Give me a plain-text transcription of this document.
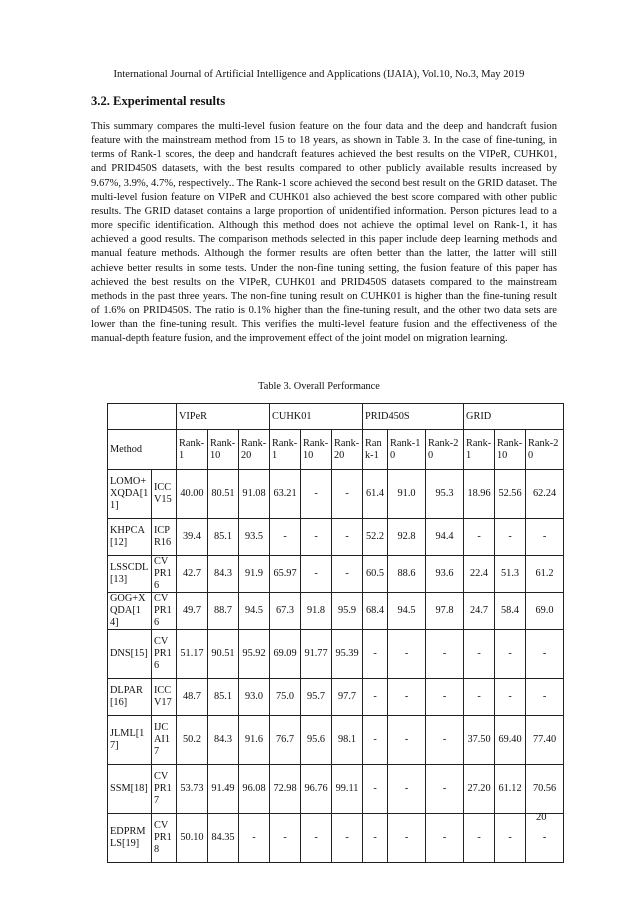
International Journal of Artificial Intelligence and Applications (IJAIA), Vol.10, No.3, May 2019
3.2. Experimental results

This summary compares the multi-level fusion feature on the four data and the deep and handcraft fusion feature with the mainstream method from 15 to 18 years, as shown in Table 3. In the case of fine-tuning, in terms of Rank-1 scores, the deep and handcraft features achieved the best results on the VIPeR, CUHK01, and PRID450S datasets, with the best results compared to other publicly available results increased by 9.67%, 3.9%, 4.7%, respectively.. The Rank-1 score achieved the second best result on the GRID dataset. The multi-level fusion feature on VIPeR and CUHK01 also achieved the best score compared with other public results. The GRID dataset contains a large proportion of unidentified information. Person pictures lead to a more specific identification. Although this method does not achieve the optimal level on Rank-1, it has achieved a good results. The comparison methods selected in this paper include deep learning methods and manual feature methods. Although the former results are often better than the latter, the latter will still achieve better results in some tests. Under the non-fine tuning setting, the fusion feature of this paper has achieved the best results on the VIPeR, CUHK01 and PRID450S datasets compared to the mainstream methods in the past three years. The non-fine tuning result on CUHK01 is higher than the fine-tuning result of 1.6% on PRID450S. The ratio is 0.1% higher than the fine-tuning result, and the other two data sets are lower than the fine-tuning result. This verifies the multi-level feature fusion and the effectiveness of the manual-depth feature fusion, and the improvement effect of the joint model on migration learning.

Table 3. Overall Performance
		VIPeR			CUHK01			PRID450S			GRID		
Method		Rank-1	Rank-10	Rank-20	Rank-1	Rank-10	Rank-20	Rank-1	Rank-10	Rank-20	Rank-1	Rank-10	Rank-20
LOMO+XQDA[11]	ICCV15	40.00	80.51	91.08	63.21	-	-	61.4	91.0	95.3	18.96	52.56	62.24
KHPCA[12]	ICPR16	39.4	85.1	93.5	-	-	-	52.2	92.8	94.4	-	-	-
LSSCDL[13]	CVPR16	42.7	84.3	91.9	65.97	-	-	60.5	88.6	93.6	22.4	51.3	61.2
GOG+XQDA[14]	CVPR16	49.7	88.7	94.5	67.3	91.8	95.9	68.4	94.5	97.8	24.7	58.4	69.0
DNS[15]	CVPR16	51.17	90.51	95.92	69.09	91.77	95.39	-	-	-	-	-	-
DLPAR[16]	ICCV17	48.7	85.1	93.0	75.0	95.7	97.7	-	-	-	-	-	-
JLML[17]	IJCAI17	50.2	84.3	91.6	76.7	95.6	98.1	-	-	-	37.50	69.40	77.40
SSM[18]	CVPR17	53.73	91.49	96.08	72.98	96.76	99.11	-	-	-	27.20	61.12	70.56
EDPRMLS[19]	CVPR18	50.10	84.35	-	-	-	-	-	-	-	-	-	-
20
